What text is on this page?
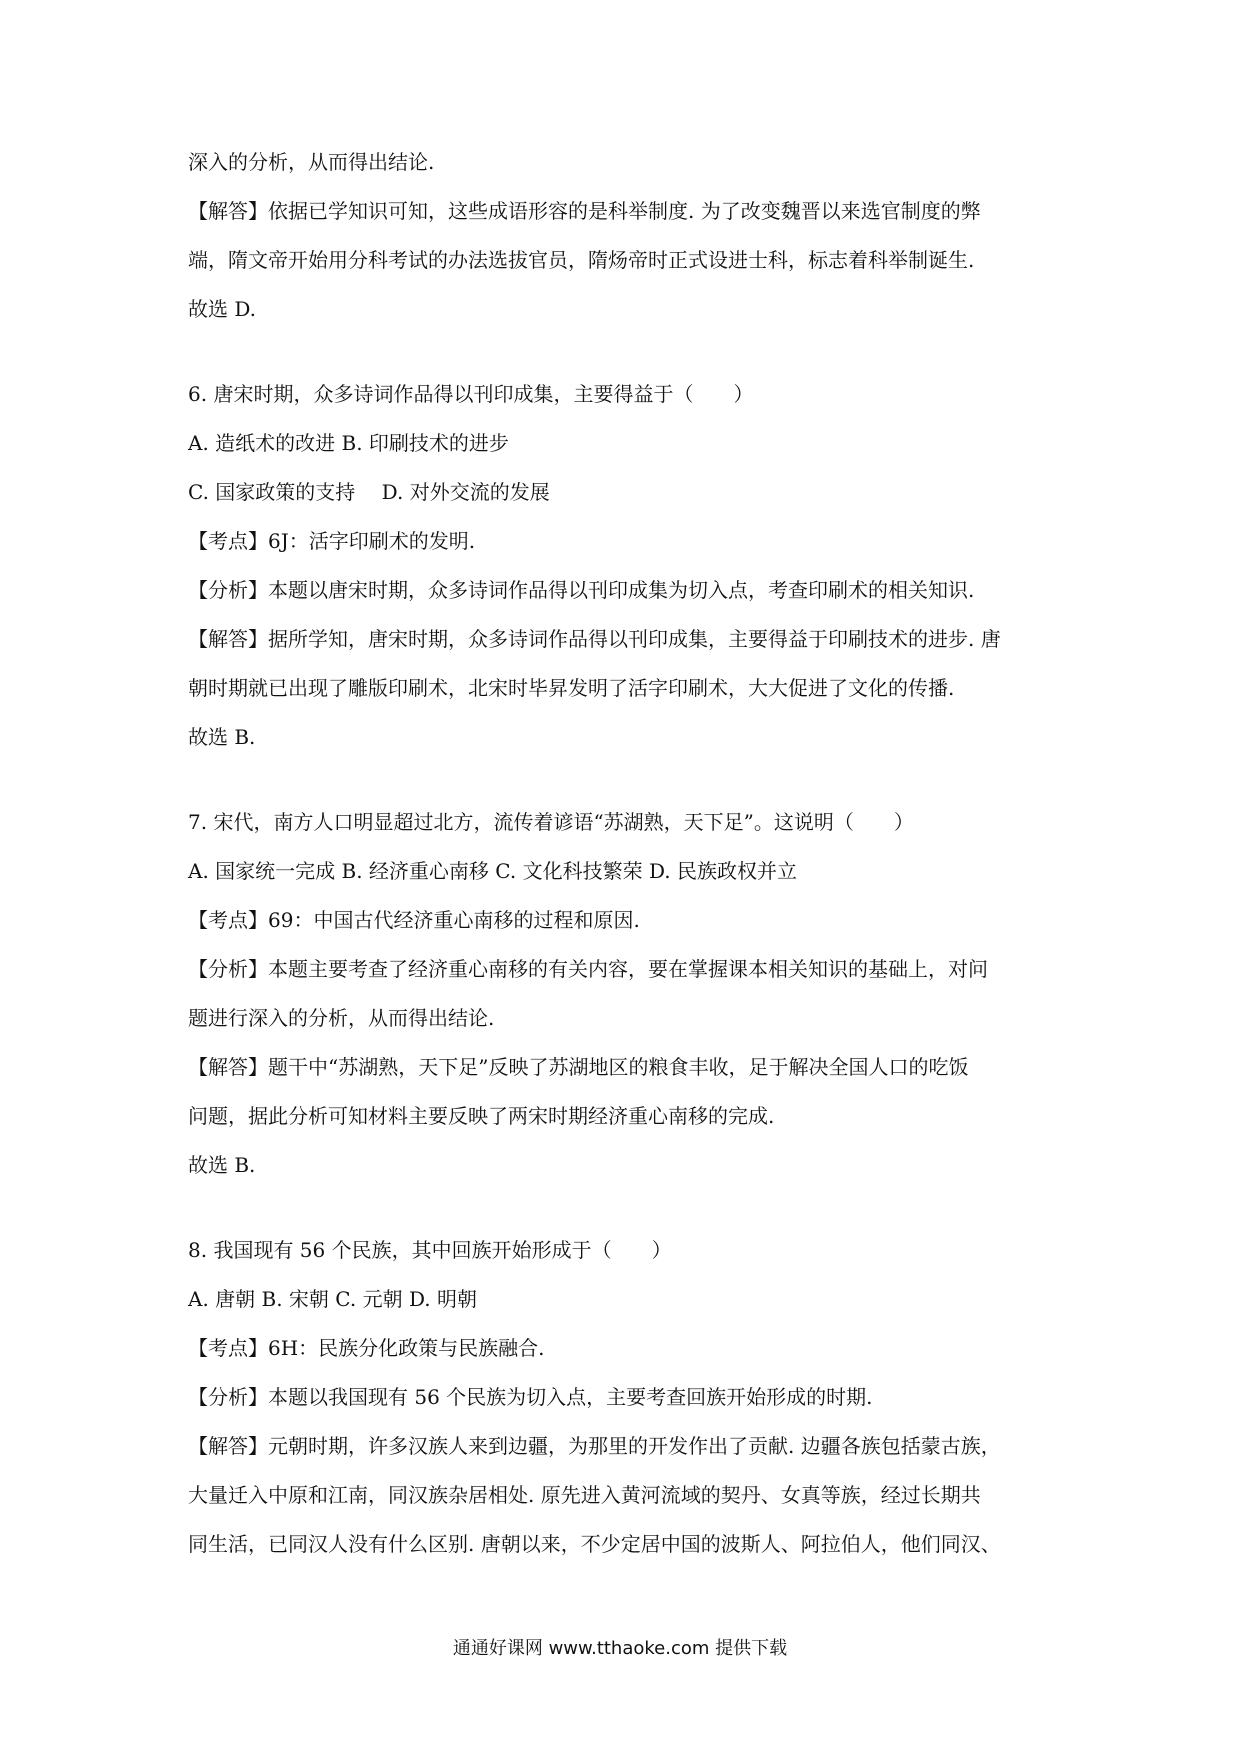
深入的分析，从而得出结论.

【解答】依据已学知识可知，这些成语形容的是科举制度. 为了改变魏晋以来选官制度的弊

端，隋文帝开始用分科考试的办法选拔官员，隋炀帝时正式设进士科，标志着科举制诞生.

故选 D.

6. 唐宋时期，众多诗词作品得以刊印成集，主要得益于（　　）

A. 造纸术的改进 B. 印刷技术的进步

C. 国家政策的支持　 D. 对外交流的发展

【考点】6J：活字印刷术的发明.

【分析】本题以唐宋时期，众多诗词作品得以刊印成集为切入点，考查印刷术的相关知识.

【解答】据所学知，唐宋时期，众多诗词作品得以刊印成集，主要得益于印刷技术的进步. 唐

朝时期就已出现了雕版印刷术，北宋时毕昇发明了活字印刷术，大大促进了文化的传播.

故选 B.

7. 宋代，南方人口明显超过北方，流传着谚语“苏湖熟，天下足”。这说明（　　）

A. 国家统一完成 B. 经济重心南移 C. 文化科技繁荣 D. 民族政权并立

【考点】69：中国古代经济重心南移的过程和原因.

【分析】本题主要考查了经济重心南移的有关内容，要在掌握课本相关知识的基础上，对问

题进行深入的分析，从而得出结论.

【解答】题干中“苏湖熟，天下足”反映了苏湖地区的粮食丰收，足于解决全国人口的吃饭

问题，据此分析可知材料主要反映了两宋时期经济重心南移的完成.

故选 B.

8. 我国现有 56 个民族，其中回族开始形成于（　　）

A. 唐朝 B. 宋朝 C. 元朝 D. 明朝

【考点】6H：民族分化政策与民族融合.

【分析】本题以我国现有 56 个民族为切入点，主要考查回族开始形成的时期.

【解答】元朝时期，许多汉族人来到边疆，为那里的开发作出了贡献. 边疆各族包括蒙古族，

大量迁入中原和江南，同汉族杂居相处. 原先进入黄河流域的契丹、女真等族，经过长期共

同生活，已同汉人没有什么区别. 唐朝以来，不少定居中国的波斯人、阿拉伯人，他们同汉、

通通好课网 www.tthaoke.com 提供下载
